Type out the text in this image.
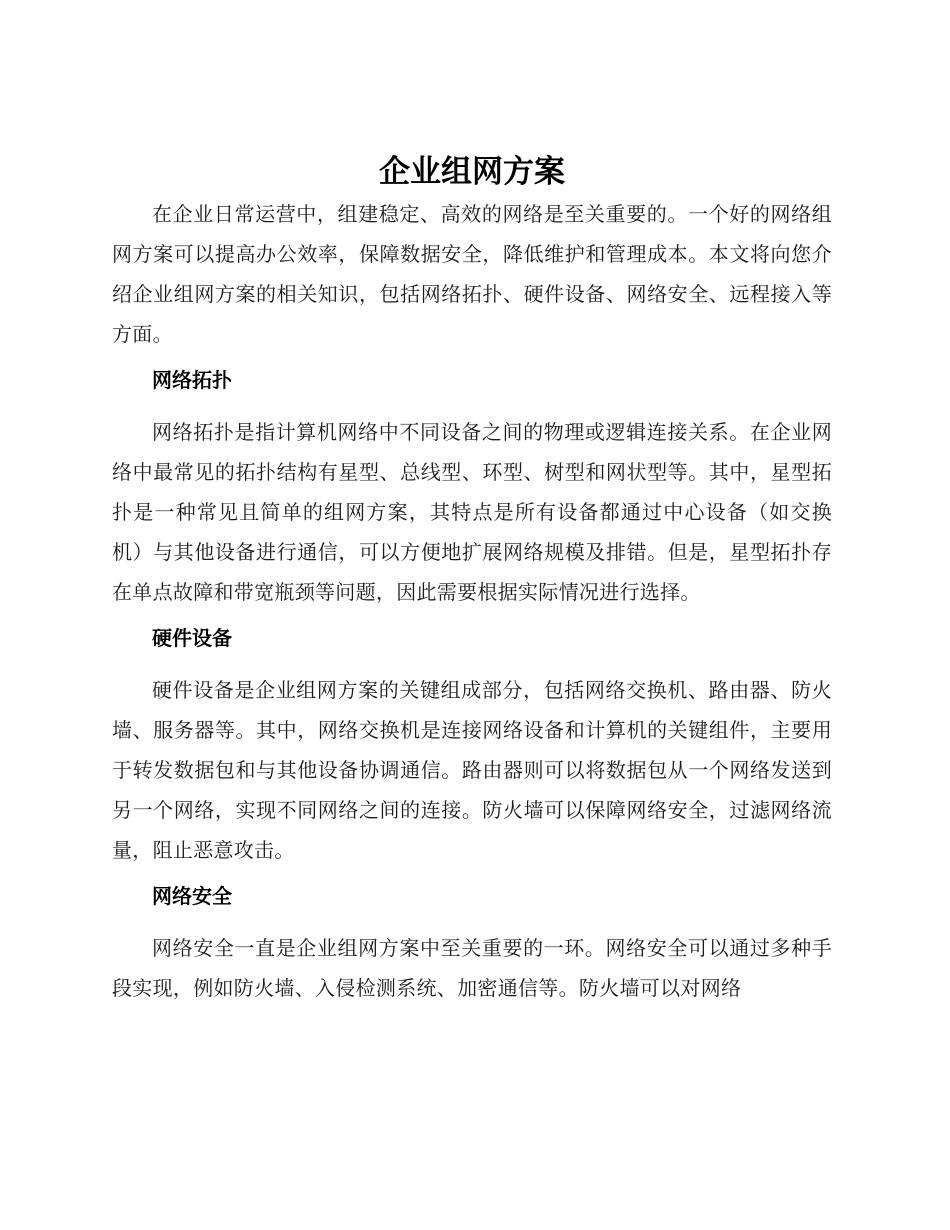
企业组网方案

在企业日常运营中，组建稳定、高效的网络是至关重要的。一个好的网络组网方案可以提高办公效率，保障数据安全，降低维护和管理成本。本文将向您介绍企业组网方案的相关知识，包括网络拓扑、硬件设备、网络安全、远程接入等方面。

网络拓扑

网络拓扑是指计算机网络中不同设备之间的物理或逻辑连接关系。在企业网络中最常见的拓扑结构有星型、总线型、环型、树型和网状型等。其中，星型拓扑是一种常见且简单的组网方案，其特点是所有设备都通过中心设备（如交换机）与其他设备进行通信，可以方便地扩展网络规模及排错。但是，星型拓扑存在单点故障和带宽瓶颈等问题，因此需要根据实际情况进行选择。

硬件设备

硬件设备是企业组网方案的关键组成部分，包括网络交换机、路由器、防火墙、服务器等。其中，网络交换机是连接网络设备和计算机的关键组件，主要用于转发数据包和与其他设备协调通信。路由器则可以将数据包从一个网络发送到另一个网络，实现不同网络之间的连接。防火墙可以保障网络安全，过滤网络流量，阻止恶意攻击。

网络安全

网络安全一直是企业组网方案中至关重要的一环。网络安全可以通过多种手段实现，例如防火墙、入侵检测系统、加密通信等。防火墙可以对网络
